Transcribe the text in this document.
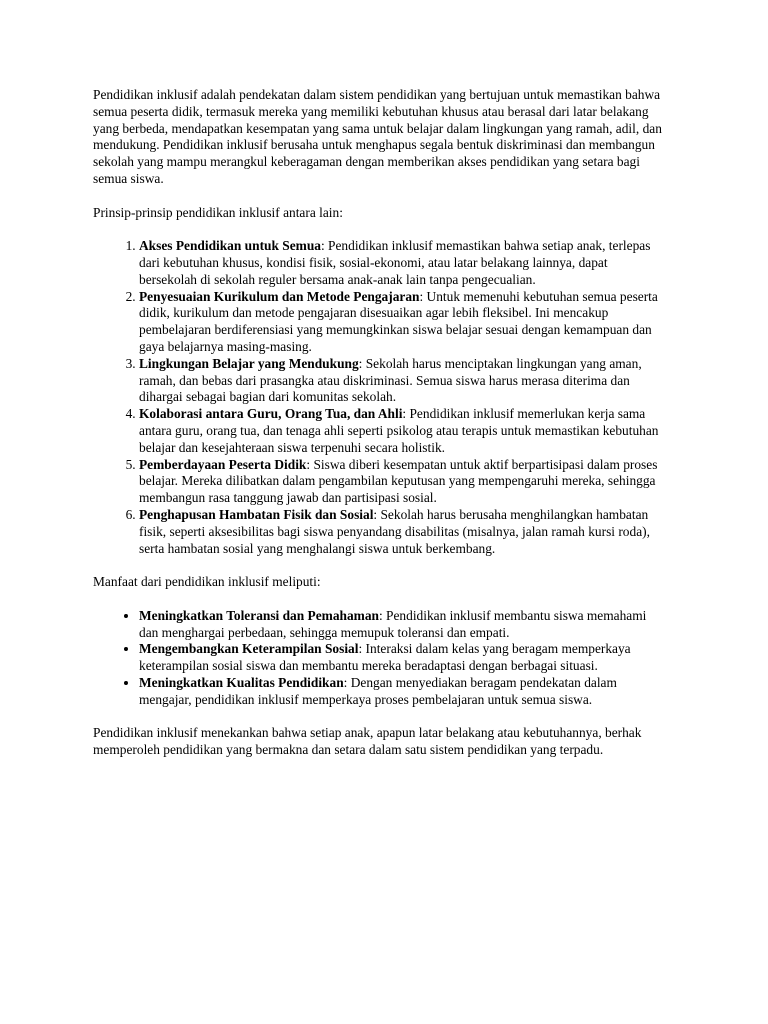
Pendidikan inklusif adalah pendekatan dalam sistem pendidikan yang bertujuan untuk memastikan bahwa semua peserta didik, termasuk mereka yang memiliki kebutuhan khusus atau berasal dari latar belakang yang berbeda, mendapatkan kesempatan yang sama untuk belajar dalam lingkungan yang ramah, adil, dan mendukung. Pendidikan inklusif berusaha untuk menghapus segala bentuk diskriminasi dan membangun sekolah yang mampu merangkul keberagaman dengan memberikan akses pendidikan yang setara bagi semua siswa.

Prinsip-prinsip pendidikan inklusif antara lain:

1. Akses Pendidikan untuk Semua: Pendidikan inklusif memastikan bahwa setiap anak, terlepas dari kebutuhan khusus, kondisi fisik, sosial-ekonomi, atau latar belakang lainnya, dapat bersekolah di sekolah reguler bersama anak-anak lain tanpa pengecualian.
2. Penyesuaian Kurikulum dan Metode Pengajaran: Untuk memenuhi kebutuhan semua peserta didik, kurikulum dan metode pengajaran disesuaikan agar lebih fleksibel. Ini mencakup pembelajaran berdiferensiasi yang memungkinkan siswa belajar sesuai dengan kemampuan dan gaya belajarnya masing-masing.
3. Lingkungan Belajar yang Mendukung: Sekolah harus menciptakan lingkungan yang aman, ramah, dan bebas dari prasangka atau diskriminasi. Semua siswa harus merasa diterima dan dihargai sebagai bagian dari komunitas sekolah.
4. Kolaborasi antara Guru, Orang Tua, dan Ahli: Pendidikan inklusif memerlukan kerja sama antara guru, orang tua, dan tenaga ahli seperti psikolog atau terapis untuk memastikan kebutuhan belajar dan kesejahteraan siswa terpenuhi secara holistik.
5. Pemberdayaan Peserta Didik: Siswa diberi kesempatan untuk aktif berpartisipasi dalam proses belajar. Mereka dilibatkan dalam pengambilan keputusan yang mempengaruhi mereka, sehingga membangun rasa tanggung jawab dan partisipasi sosial.
6. Penghapusan Hambatan Fisik dan Sosial: Sekolah harus berusaha menghilangkan hambatan fisik, seperti aksesibilitas bagi siswa penyandang disabilitas (misalnya, jalan ramah kursi roda), serta hambatan sosial yang menghalangi siswa untuk berkembang.

Manfaat dari pendidikan inklusif meliputi:

• Meningkatkan Toleransi dan Pemahaman: Pendidikan inklusif membantu siswa memahami dan menghargai perbedaan, sehingga memupuk toleransi dan empati.
• Mengembangkan Keterampilan Sosial: Interaksi dalam kelas yang beragam memperkaya keterampilan sosial siswa dan membantu mereka beradaptasi dengan berbagai situasi.
• Meningkatkan Kualitas Pendidikan: Dengan menyediakan beragam pendekatan dalam mengajar, pendidikan inklusif memperkaya proses pembelajaran untuk semua siswa.

Pendidikan inklusif menekankan bahwa setiap anak, apapun latar belakang atau kebutuhannya, berhak memperoleh pendidikan yang bermakna dan setara dalam satu sistem pendidikan yang terpadu.
